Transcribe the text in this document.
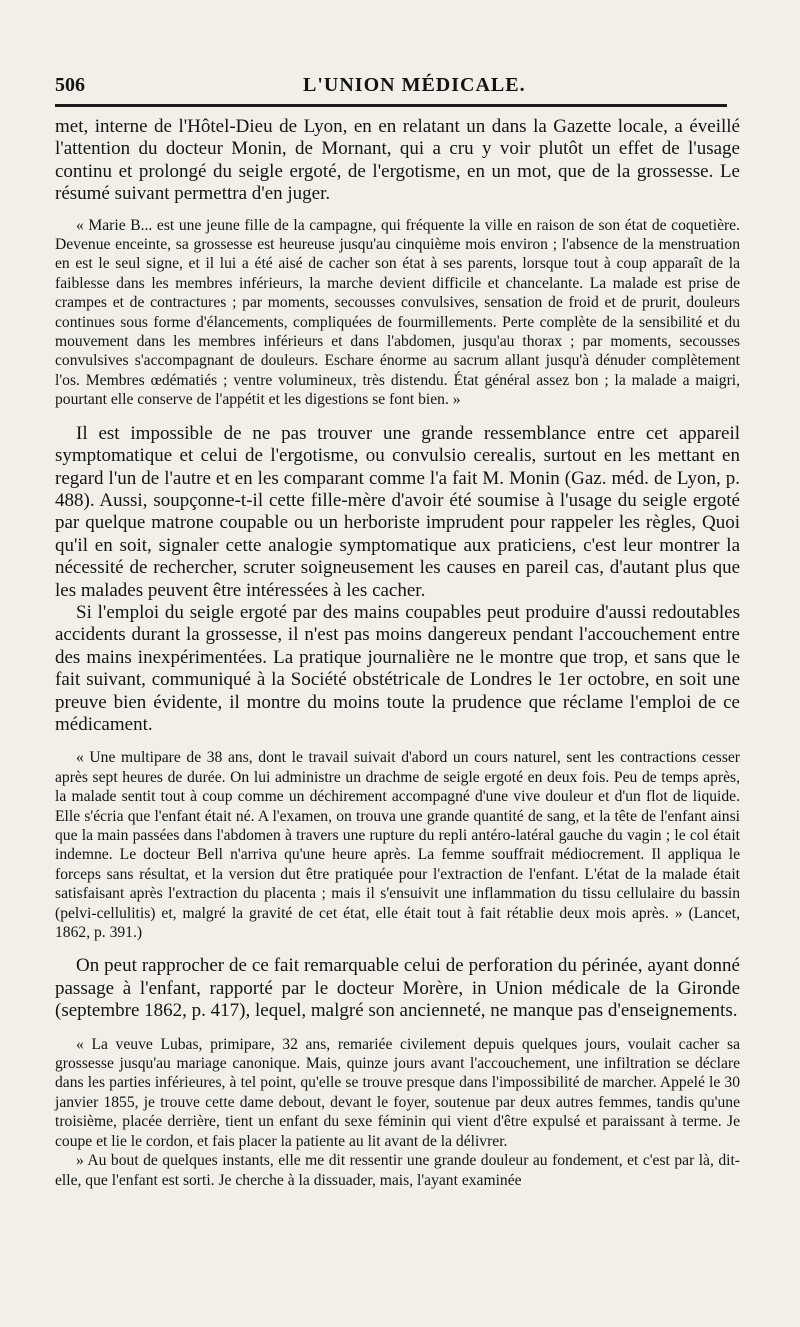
506	L'UNION MÉDICALE.

met, interne de l'Hôtel-Dieu de Lyon, en en relatant un dans la Gazette locale, a éveillé l'attention du docteur Monin, de Mornant, qui a cru y voir plutôt un effet de l'usage continu et prolongé du seigle ergoté, de l'ergotisme, en un mot, que de la grossesse. Le résumé suivant permettra d'en juger.

« Marie B... est une jeune fille de la campagne, qui fréquente la ville en raison de son état de coquetière. Devenue enceinte, sa grossesse est heureuse jusqu'au cinquième mois environ ; l'absence de la menstruation en est le seul signe, et il lui a été aisé de cacher son état à ses parents, lorsque tout à coup apparaît de la faiblesse dans les membres inférieurs, la marche devient difficile et chancelante. La malade est prise de crampes et de contractures ; par moments, secousses convulsives, sensation de froid et de prurit, douleurs continues sous forme d'élancements, compliquées de fourmillements. Perte complète de la sensibilité et du mouvement dans les membres inférieurs et dans l'abdomen, jusqu'au thorax ; par moments, secousses convulsives s'accompagnant de douleurs. Eschare énorme au sacrum allant jusqu'à dénuder complètement l'os. Membres œdématiés ; ventre volumineux, très distendu. État général assez bon ; la malade a maigri, pourtant elle conserve de l'appétit et les digestions se font bien. »

Il est impossible de ne pas trouver une grande ressemblance entre cet appareil symptomatique et celui de l'ergotisme, ou convulsio cerealis, surtout en les mettant en regard l'un de l'autre et en les comparant comme l'a fait M. Monin (Gaz. méd. de Lyon, p. 488). Aussi, soupçonne-t-il cette fille-mère d'avoir été soumise à l'usage du seigle ergoté par quelque matrone coupable ou un herboriste imprudent pour rappeler les règles, Quoi qu'il en soit, signaler cette analogie symptomatique aux praticiens, c'est leur montrer la nécessité de rechercher, scruter soigneusement les causes en pareil cas, d'autant plus que les malades peuvent être intéressées à les cacher.

Si l'emploi du seigle ergoté par des mains coupables peut produire d'aussi redoutables accidents durant la grossesse, il n'est pas moins dangereux pendant l'accouchement entre des mains inexpérimentées. La pratique journalière ne le montre que trop, et sans que le fait suivant, communiqué à la Société obstétricale de Londres le 1er octobre, en soit une preuve bien évidente, il montre du moins toute la prudence que réclame l'emploi de ce médicament.

« Une multipare de 38 ans, dont le travail suivait d'abord un cours naturel, sent les contractions cesser après sept heures de durée. On lui administre un drachme de seigle ergoté en deux fois. Peu de temps après, la malade sentit tout à coup comme un déchirement accompagné d'une vive douleur et d'un flot de liquide. Elle s'écria que l'enfant était né. A l'examen, on trouva une grande quantité de sang, et la tête de l'enfant ainsi que la main passées dans l'abdomen à travers une rupture du repli antéro-latéral gauche du vagin ; le col était indemne. Le docteur Bell n'arriva qu'une heure après. La femme souffrait médiocrement. Il appliqua le forceps sans résultat, et la version dut être pratiquée pour l'extraction de l'enfant. L'état de la malade était satisfaisant après l'extraction du placenta ; mais il s'ensuivit une inflammation du tissu cellulaire du bassin (pelvi-cellulitis) et, malgré la gravité de cet état, elle était tout à fait rétablie deux mois après. » (Lancet, 1862, p. 391.)

On peut rapprocher de ce fait remarquable celui de perforation du périnée, ayant donné passage à l'enfant, rapporté par le docteur Morère, in Union médicale de la Gironde (septembre 1862, p. 417), lequel, malgré son ancienneté, ne manque pas d'enseignements.

« La veuve Lubas, primipare, 32 ans, remariée civilement depuis quelques jours, voulait cacher sa grossesse jusqu'au mariage canonique. Mais, quinze jours avant l'accouchement, une infiltration se déclare dans les parties inférieures, à tel point, qu'elle se trouve presque dans l'impossibilité de marcher. Appelé le 30 janvier 1855, je trouve cette dame debout, devant le foyer, soutenue par deux autres femmes, tandis qu'une troisième, placée derrière, tient un enfant du sexe féminin qui vient d'être expulsé et paraissant à terme. Je coupe et lie le cordon, et fais placer la patiente au lit avant de la délivrer.

» Au bout de quelques instants, elle me dit ressentir une grande douleur au fondement, et c'est par là, dit-elle, que l'enfant est sorti. Je cherche à la dissuader, mais, l'ayant examinée
